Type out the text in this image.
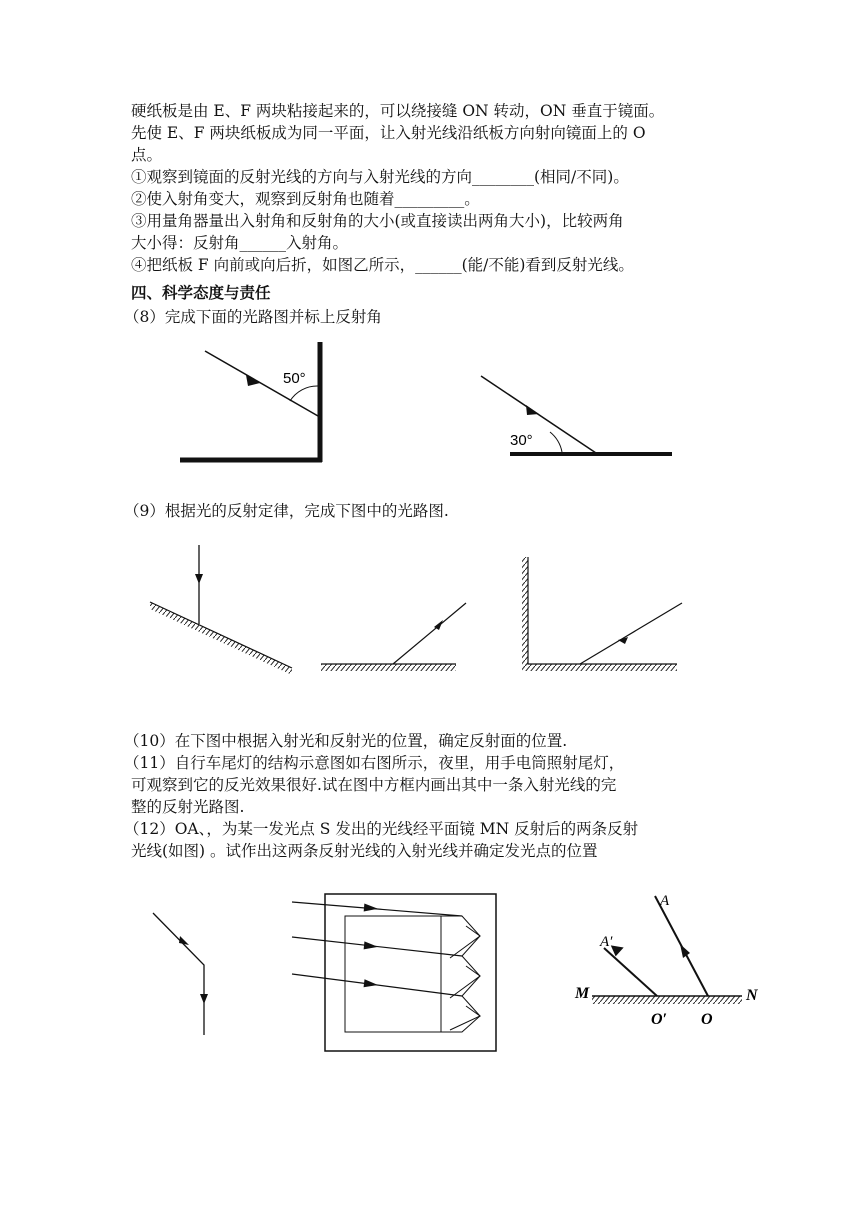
硬纸板是由 E、F 两块粘接起来的，可以绕接缝 ON 转动，ON 垂直于镜面。
先使 E、F 两块纸板成为同一平面，让入射光线沿纸板方向射向镜面上的 O
点。
①观察到镜面的反射光线的方向与入射光线的方向________(相同/不同)。
②使入射角变大，观察到反射角也随着_________。
③用量角器量出入射角和反射角的大小(或直接读出两角大小)，比较两角
大小得：反射角______入射角。
④把纸板 F 向前或向后折，如图乙所示，______(能/不能)看到反射光线。
四、科学态度与责任
（8）完成下面的光路图并标上反射角
（9）根据光的反射定律，完成下图中的光路图.
（10）在下图中根据入射光和反射光的位置，确定反射面的位置.
（11）自行车尾灯的结构示意图如右图所示，夜里，用手电筒照射尾灯，
可观察到它的反光效果很好.试在图中方框内画出其中一条入射光线的完
整的反射光路图.
（12）OA、，为某一发光点 S 发出的光线经平面镜 MN 反射后的两条反射
光线(如图) 。试作出这两条反射光线的入射光线并确定发光点的位置
50°
30°
A
A′
M	N
O′ O
